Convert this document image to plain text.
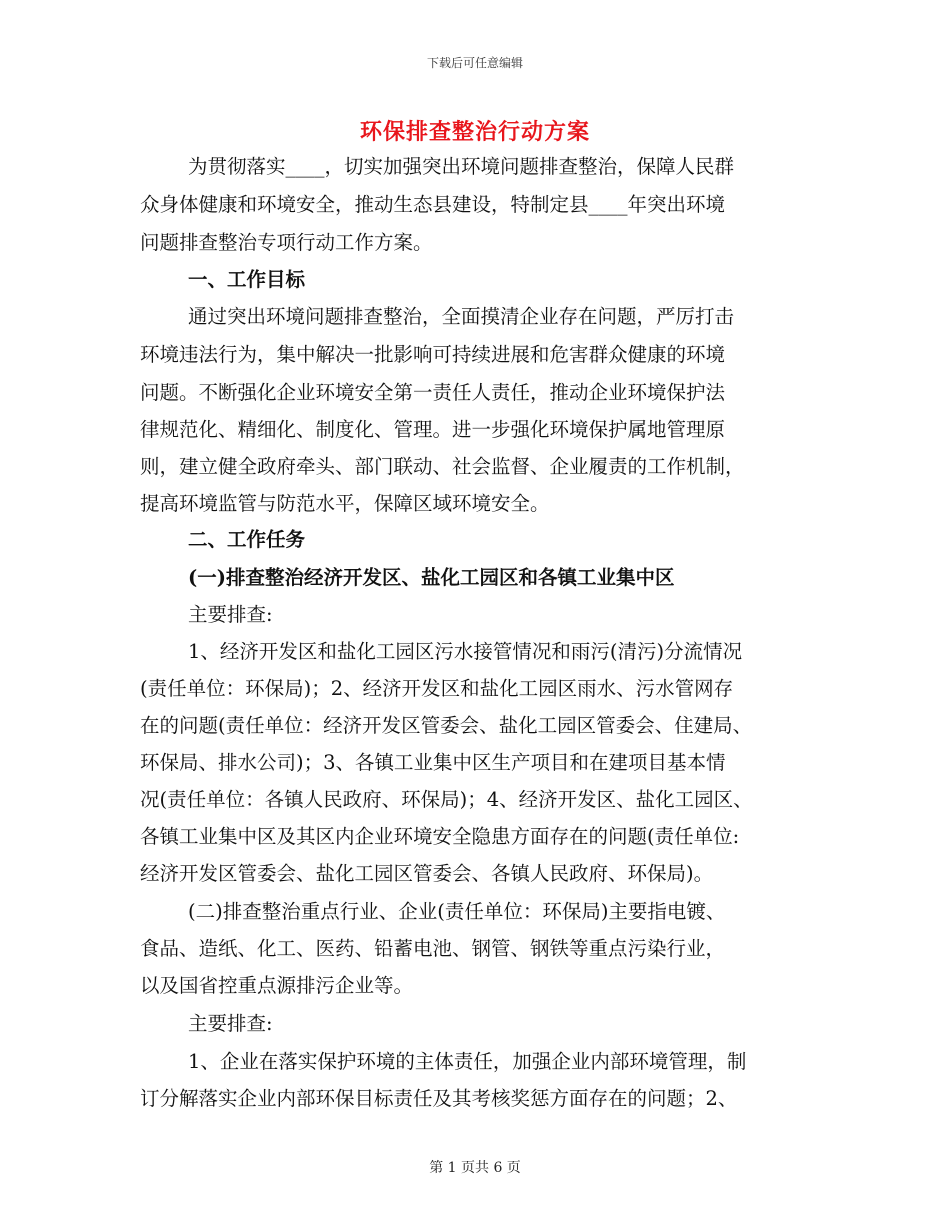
下载后可任意编辑
环保排查整治行动方案
为贯彻落实____，切实加强突出环境问题排查整治，保障人民群
众身体健康和环境安全，推动生态县建设，特制定县____年突出环境
问题排查整治专项行动工作方案。
一、工作目标
通过突出环境问题排查整治，全面摸清企业存在问题，严厉打击
环境违法行为，集中解决一批影响可持续进展和危害群众健康的环境
问题。不断强化企业环境安全第一责任人责任，推动企业环境保护法
律规范化、精细化、制度化、管理。进一步强化环境保护属地管理原
则，建立健全政府牵头、部门联动、社会监督、企业履责的工作机制，
提高环境监管与防范水平，保障区域环境安全。
二、工作任务
(一)排查整治经济开发区、盐化工园区和各镇工业集中区
主要排查:
1、经济开发区和盐化工园区污水接管情况和雨污(清污)分流情况
(责任单位：环保局)；2、经济开发区和盐化工园区雨水、污水管网存
在的问题(责任单位：经济开发区管委会、盐化工园区管委会、住建局、
环保局、排水公司)；3、各镇工业集中区生产项目和在建项目基本情
况(责任单位：各镇人民政府、环保局)；4、经济开发区、盐化工园区、
各镇工业集中区及其区内企业环境安全隐患方面存在的问题(责任单位:
经济开发区管委会、盐化工园区管委会、各镇人民政府、环保局)。
(二)排查整治重点行业、企业(责任单位：环保局)主要指电镀、
食品、造纸、化工、医药、铅蓄电池、钢管、钢铁等重点污染行业，
以及国省控重点源排污企业等。
主要排查:
1、企业在落实保护环境的主体责任，加强企业内部环境管理，制
订分解落实企业内部环保目标责任及其考核奖惩方面存在的问题；2、
第 1 页共 6 页
